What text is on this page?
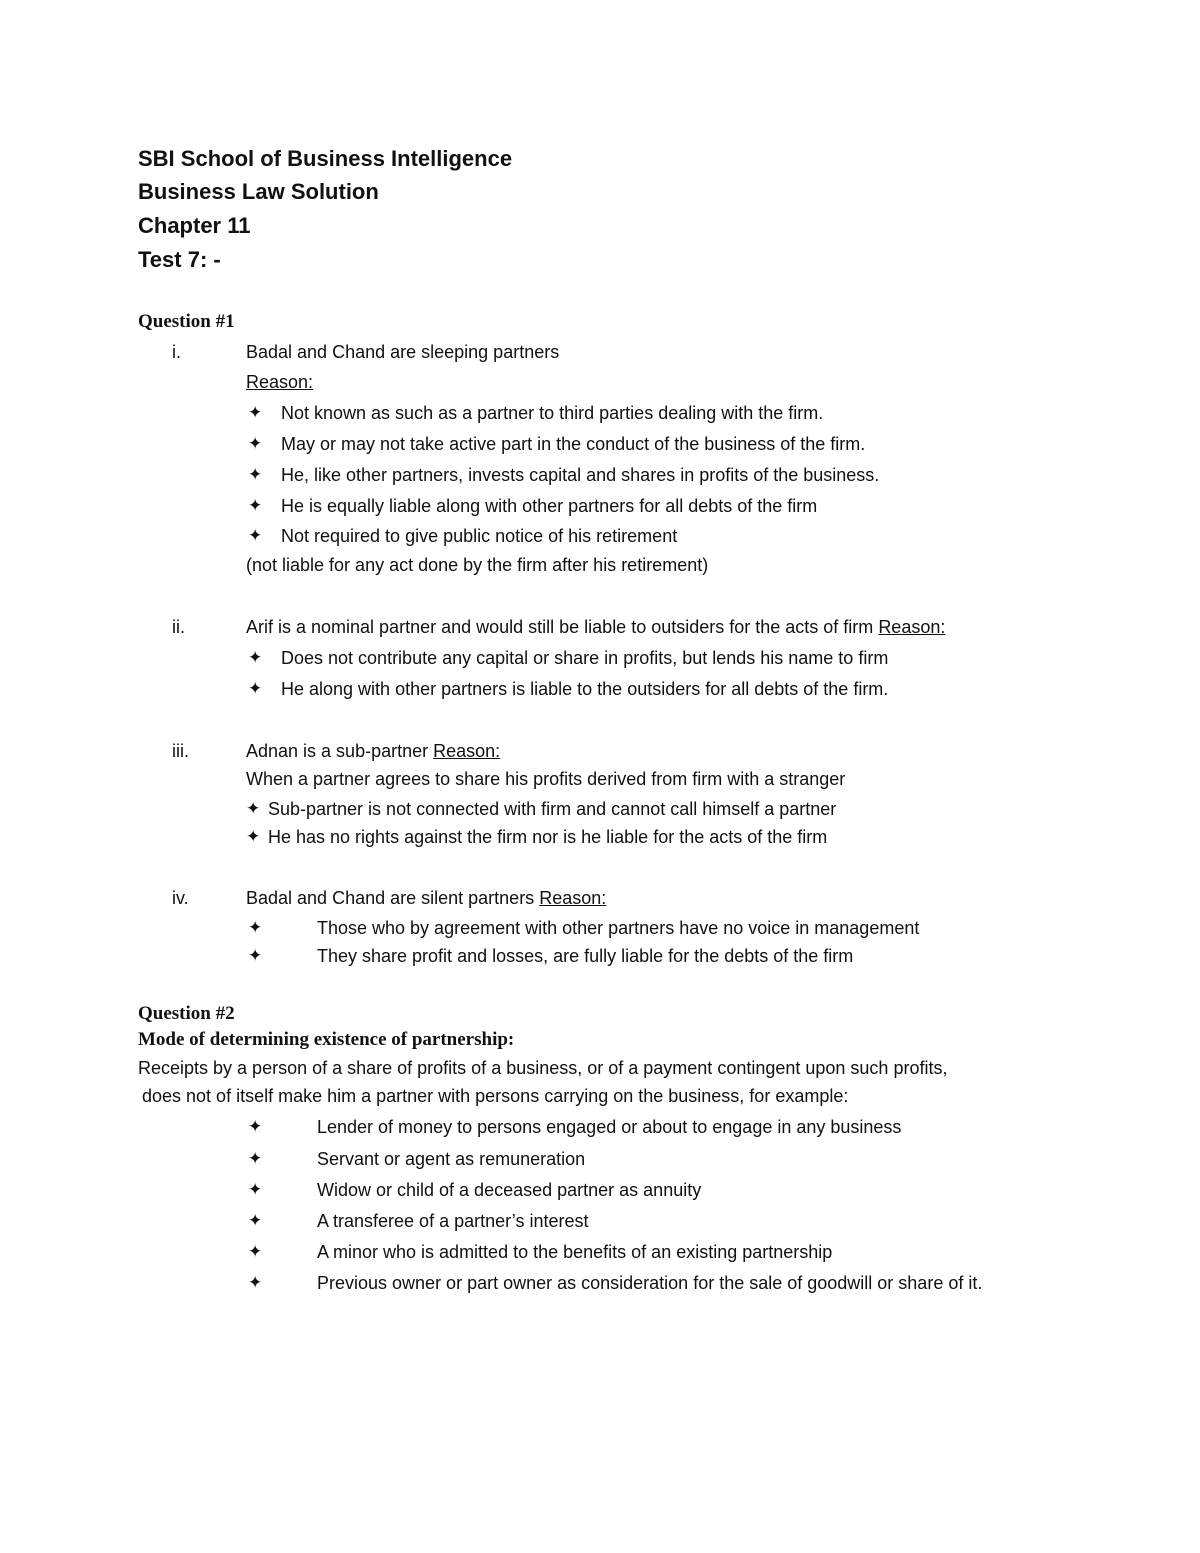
SBI School of Business Intelligence
Business Law Solution
Chapter 11
Test 7: -
Question #1
i.	Badal and Chand are sleeping partners
Reason:
✦ Not known as such as a partner to third parties dealing with the firm.
✦ May or may not take active part in the conduct of the business of the firm.
✦ He, like other partners, invests capital and shares in profits of the business.
✦ He is equally liable along with other partners for all debts of the firm
✦ Not required to give public notice of his retirement
(not liable for any act done by the firm after his retirement)
ii.	Arif is a nominal partner and would still be liable to outsiders for the acts of firm Reason:
✦ Does not contribute any capital or share in profits, but lends his name to firm
✦ He along with other partners is liable to the outsiders for all debts of the firm.
iii.	Adnan is a sub-partner Reason:
When a partner agrees to share his profits derived from firm with a stranger
✦ Sub-partner is not connected with firm and cannot call himself a partner
✦ He has no rights against the firm nor is he liable for the acts of the firm
iv.	Badal and Chand are silent partners Reason:
✦	Those who by agreement with other partners have no voice in management
✦	They share profit and losses, are fully liable for the debts of the firm
Question #2
Mode of determining existence of partnership:
Receipts by a person of a share of profits of a business, or of a payment contingent upon such profits,
does not of itself make him a partner with persons carrying on the business, for example:
✦	Lender of money to persons engaged or about to engage in any business
✦	Servant or agent as remuneration
✦	Widow or child of a deceased partner as annuity
✦	A transferee of a partner’s interest
✦	A minor who is admitted to the benefits of an existing partnership
✦	Previous owner or part owner as consideration for the sale of goodwill or share of it.
